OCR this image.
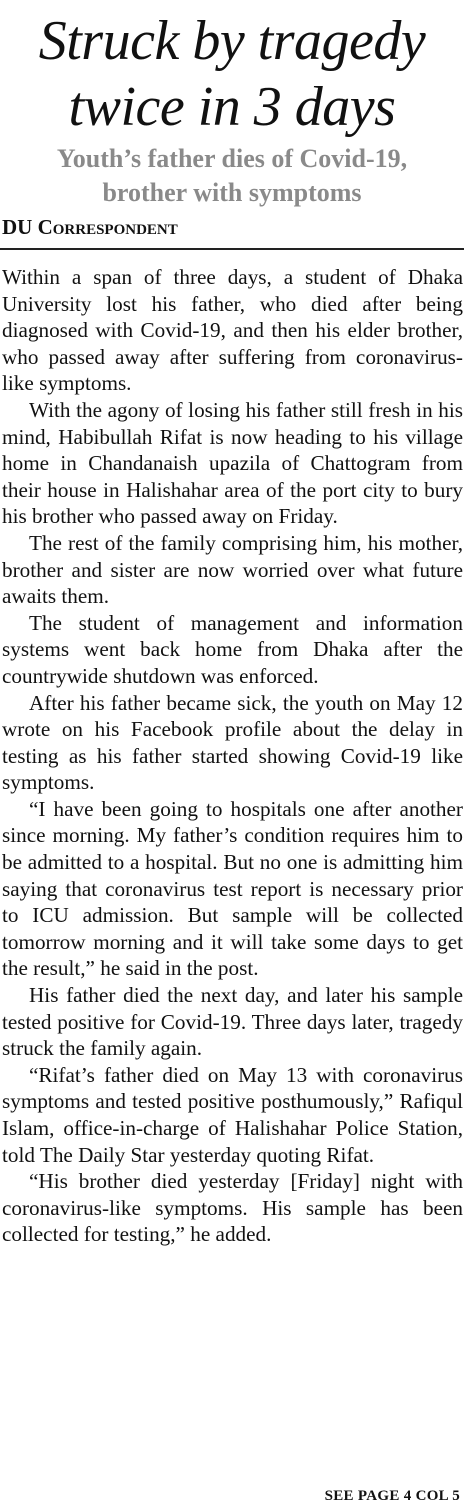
Struck by tragedy
twice in 3 days
Youth’s father dies of Covid-19,
brother with symptoms
DU Correspondent

Within a span of three days, a student of Dhaka University lost his father, who died after being diagnosed with Covid-19, and then his elder brother, who passed away after suffering from coronavirus-like symptoms.

With the agony of losing his father still fresh in his mind, Habibullah Rifat is now heading to his village home in Chandanaish upazila of Chattogram from their house in Halishahar area of the port city to bury his brother who passed away on Friday.

The rest of the family comprising him, his mother, brother and sister are now worried over what future awaits them.

The student of management and information systems went back home from Dhaka after the countrywide shutdown was enforced.

After his father became sick, the youth on May 12 wrote on his Facebook profile about the delay in testing as his father started showing Covid-19 like symptoms.

“I have been going to hospitals one after another since morning. My father’s condition requires him to be admitted to a hospital. But no one is admitting him saying that coronavirus test report is necessary prior to ICU admission. But sample will be collected tomorrow morning and it will take some days to get the result,” he said in the post.

His father died the next day, and later his sample tested positive for Covid-19. Three days later, tragedy struck the family again.

“Rifat’s father died on May 13 with coronavirus symptoms and tested positive posthumously,” Rafiqul Islam, office-in-charge of Halishahar Police Station, told The Daily Star yesterday quoting Rifat.

“His brother died yesterday [Friday] night with coronavirus-like symptoms. His sample has been collected for testing,” he added.

SEE PAGE 4 COL 5
